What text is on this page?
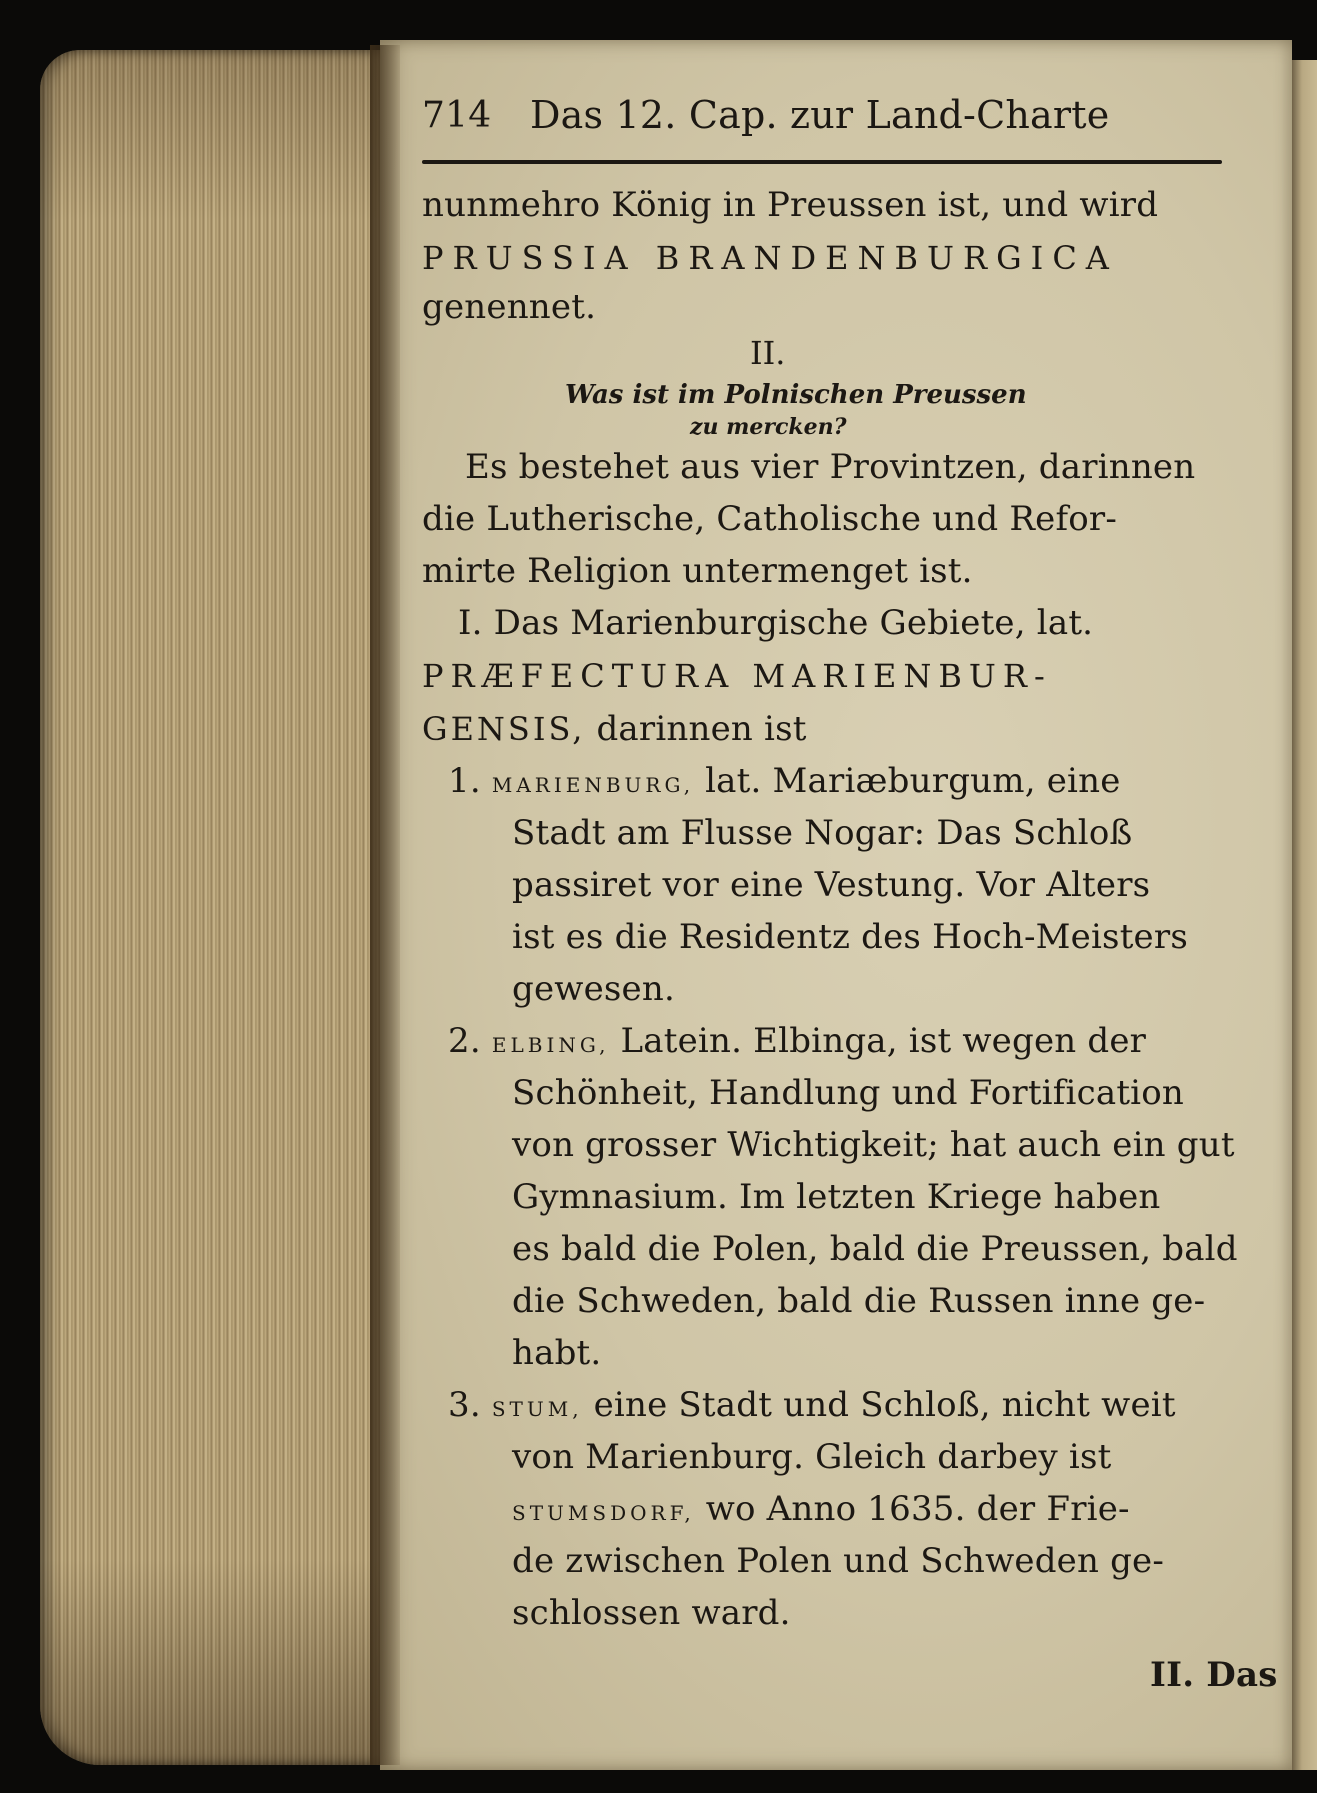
714 Das 12. Cap. zur Land-Charte
nunmehro König in Preussen ist, und wird
PRUSSIA BRANDENBURGICA
genennet.
II.
Was ist im Polnischen Preussen
zu mercken?
Es bestehet aus vier Provintzen, darinnen
die Lutherische, Catholische und Refor-
mirte Religion untermenget ist.
I. Das Marienburgische Gebiete, lat.
PRÆFECTURA MARIENBUR-
GENSIS, darinnen ist
1. MARIENBURG, lat. Mariæburgum, eine
Stadt am Flusse Nogar: Das Schloß
passiret vor eine Vestung. Vor Alters
ist es die Residentz des Hoch-Meisters
gewesen.
2. ELBING, Latein. Elbinga, ist wegen der
Schönheit, Handlung und Fortification
von grosser Wichtigkeit; hat auch ein gut
Gymnasium. Im letzten Kriege haben
es bald die Polen, bald die Preussen, bald
die Schweden, bald die Russen inne ge-
habt.
3. STUM, eine Stadt und Schloß, nicht weit
von Marienburg. Gleich darbey ist
STUMSDORF, wo Anno 1635. der Frie-
de zwischen Polen und Schweden ge-
schlossen ward.
II. Das
